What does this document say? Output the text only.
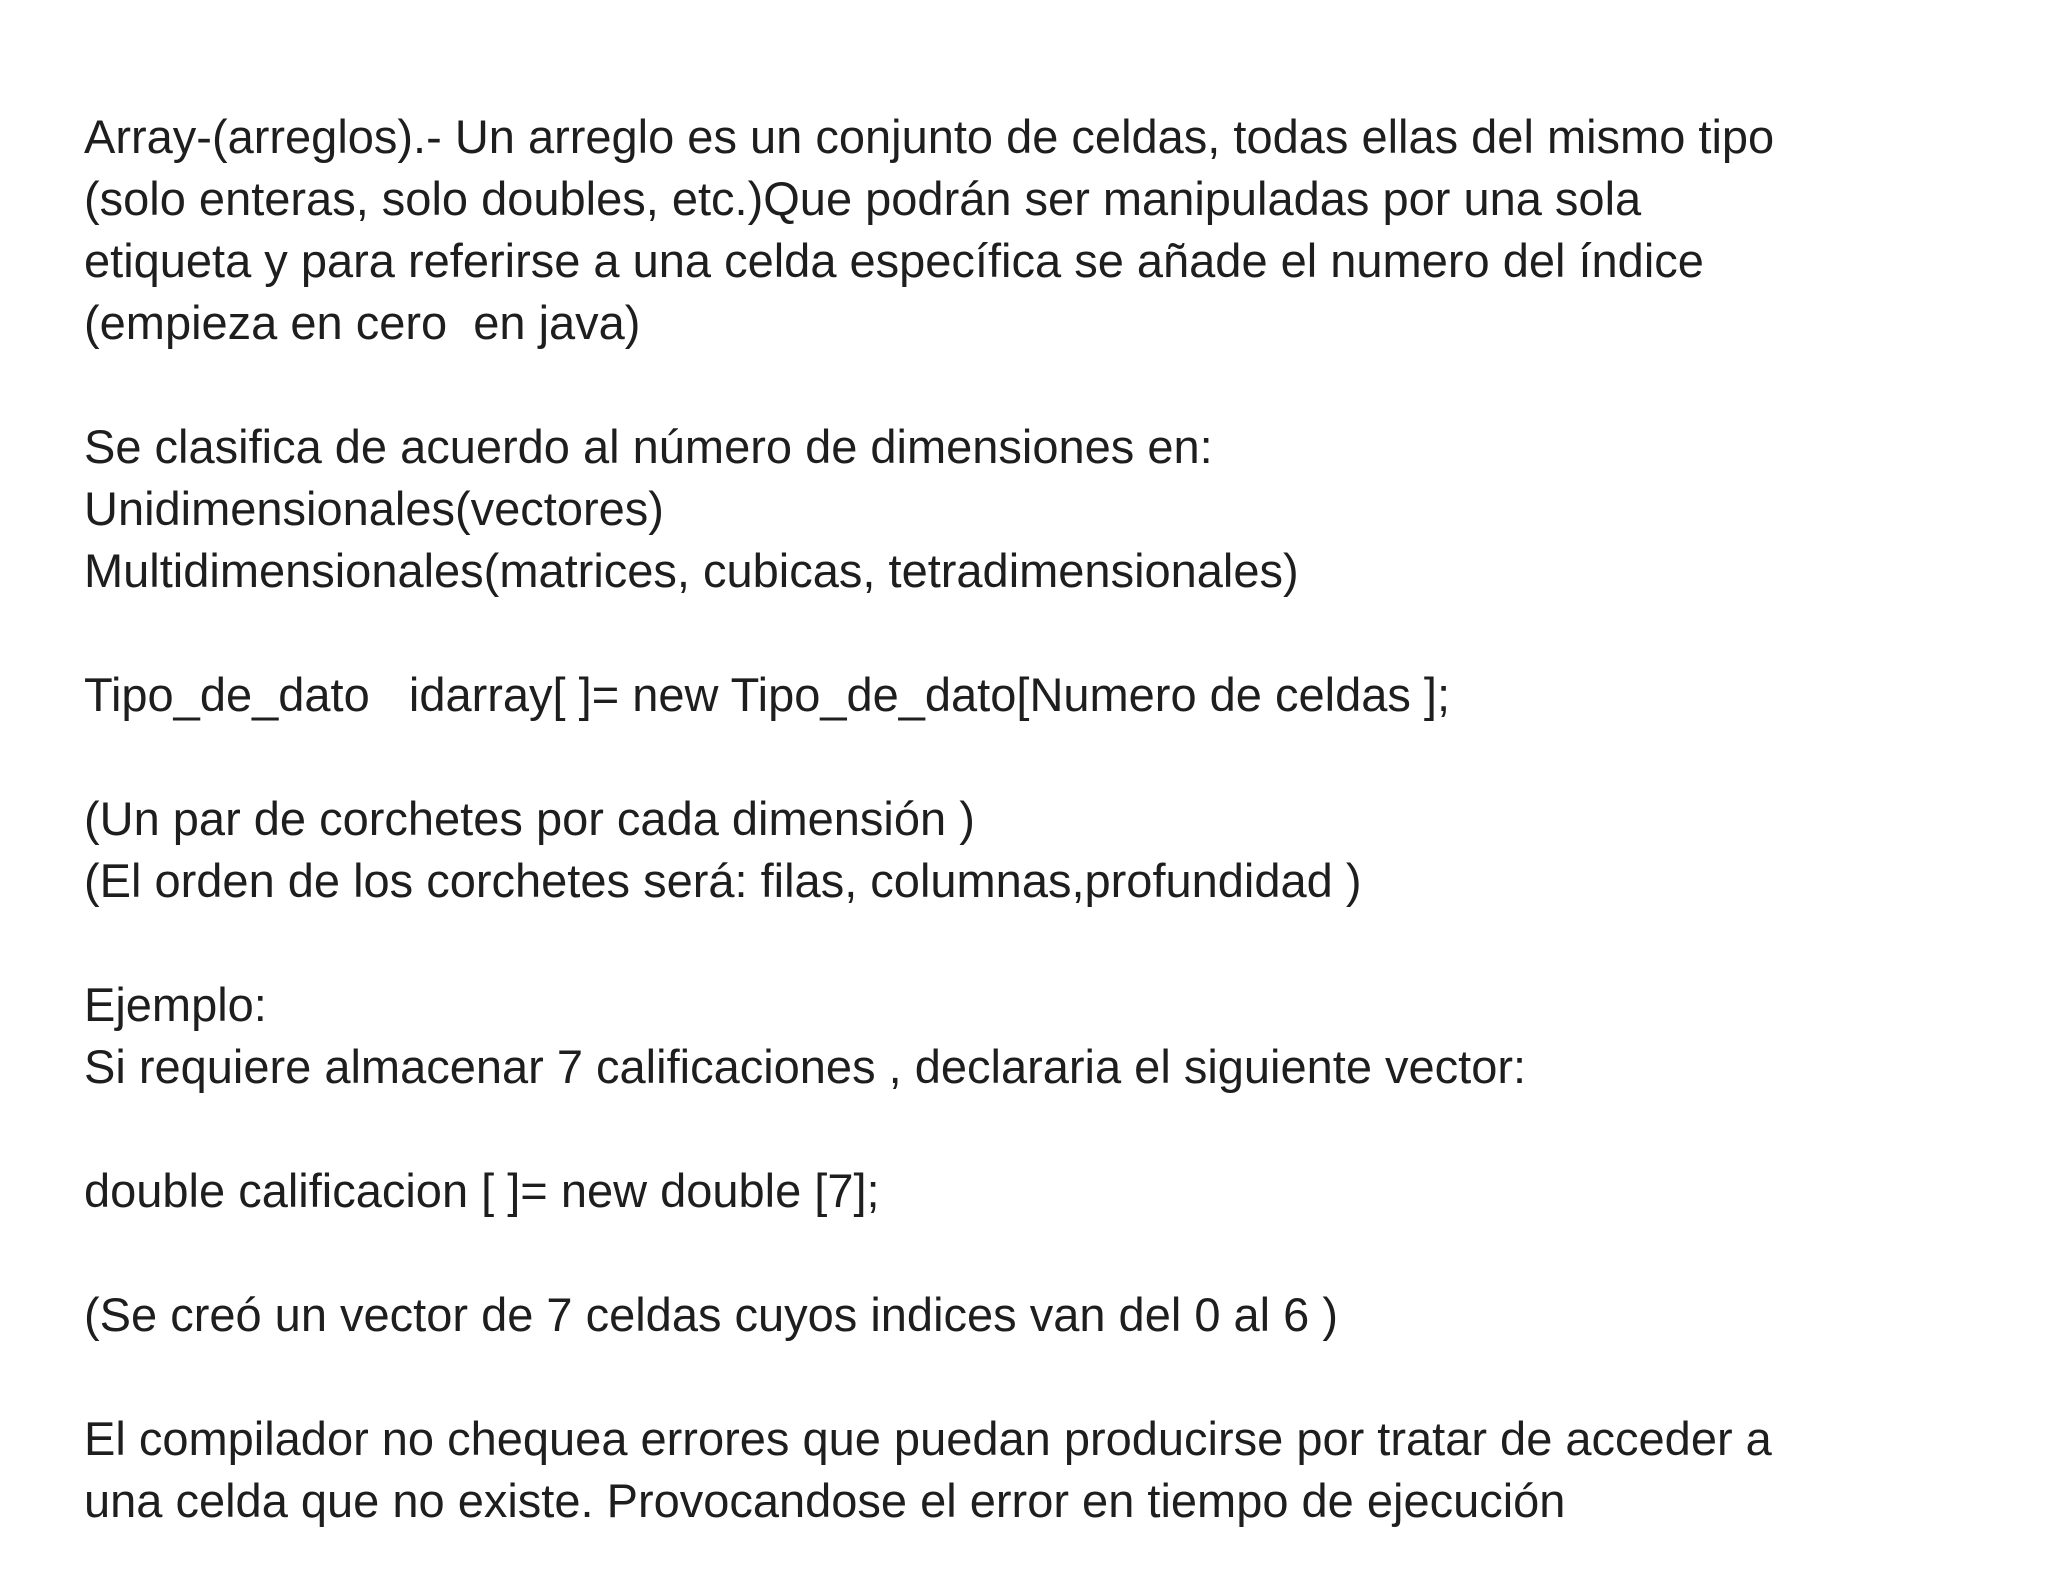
Array-(arreglos).- Un arreglo es un conjunto de celdas, todas ellas del mismo tipo
(solo enteras, solo doubles, etc.)Que podrán ser manipuladas por una sola
etiqueta y para referirse a una celda específica se añade el numero del índice
(empieza en cero  en java)
Se clasifica de acuerdo al número de dimensiones en:
Unidimensionales(vectores)
Multidimensionales(matrices, cubicas, tetradimensionales)
Tipo_de_dato   idarray[ ]= new Tipo_de_dato[Numero de celdas ];
(Un par de corchetes por cada dimensión )
(El orden de los corchetes será: filas, columnas,profundidad )
Ejemplo:
Si requiere almacenar 7 calificaciones , declararia el siguiente vector:
double calificacion [ ]= new double [7];
(Se creó un vector de 7 celdas cuyos indices van del 0 al 6 )
El compilador no chequea errores que puedan producirse por tratar de acceder a
una celda que no existe. Provocandose el error en tiempo de ejecución
